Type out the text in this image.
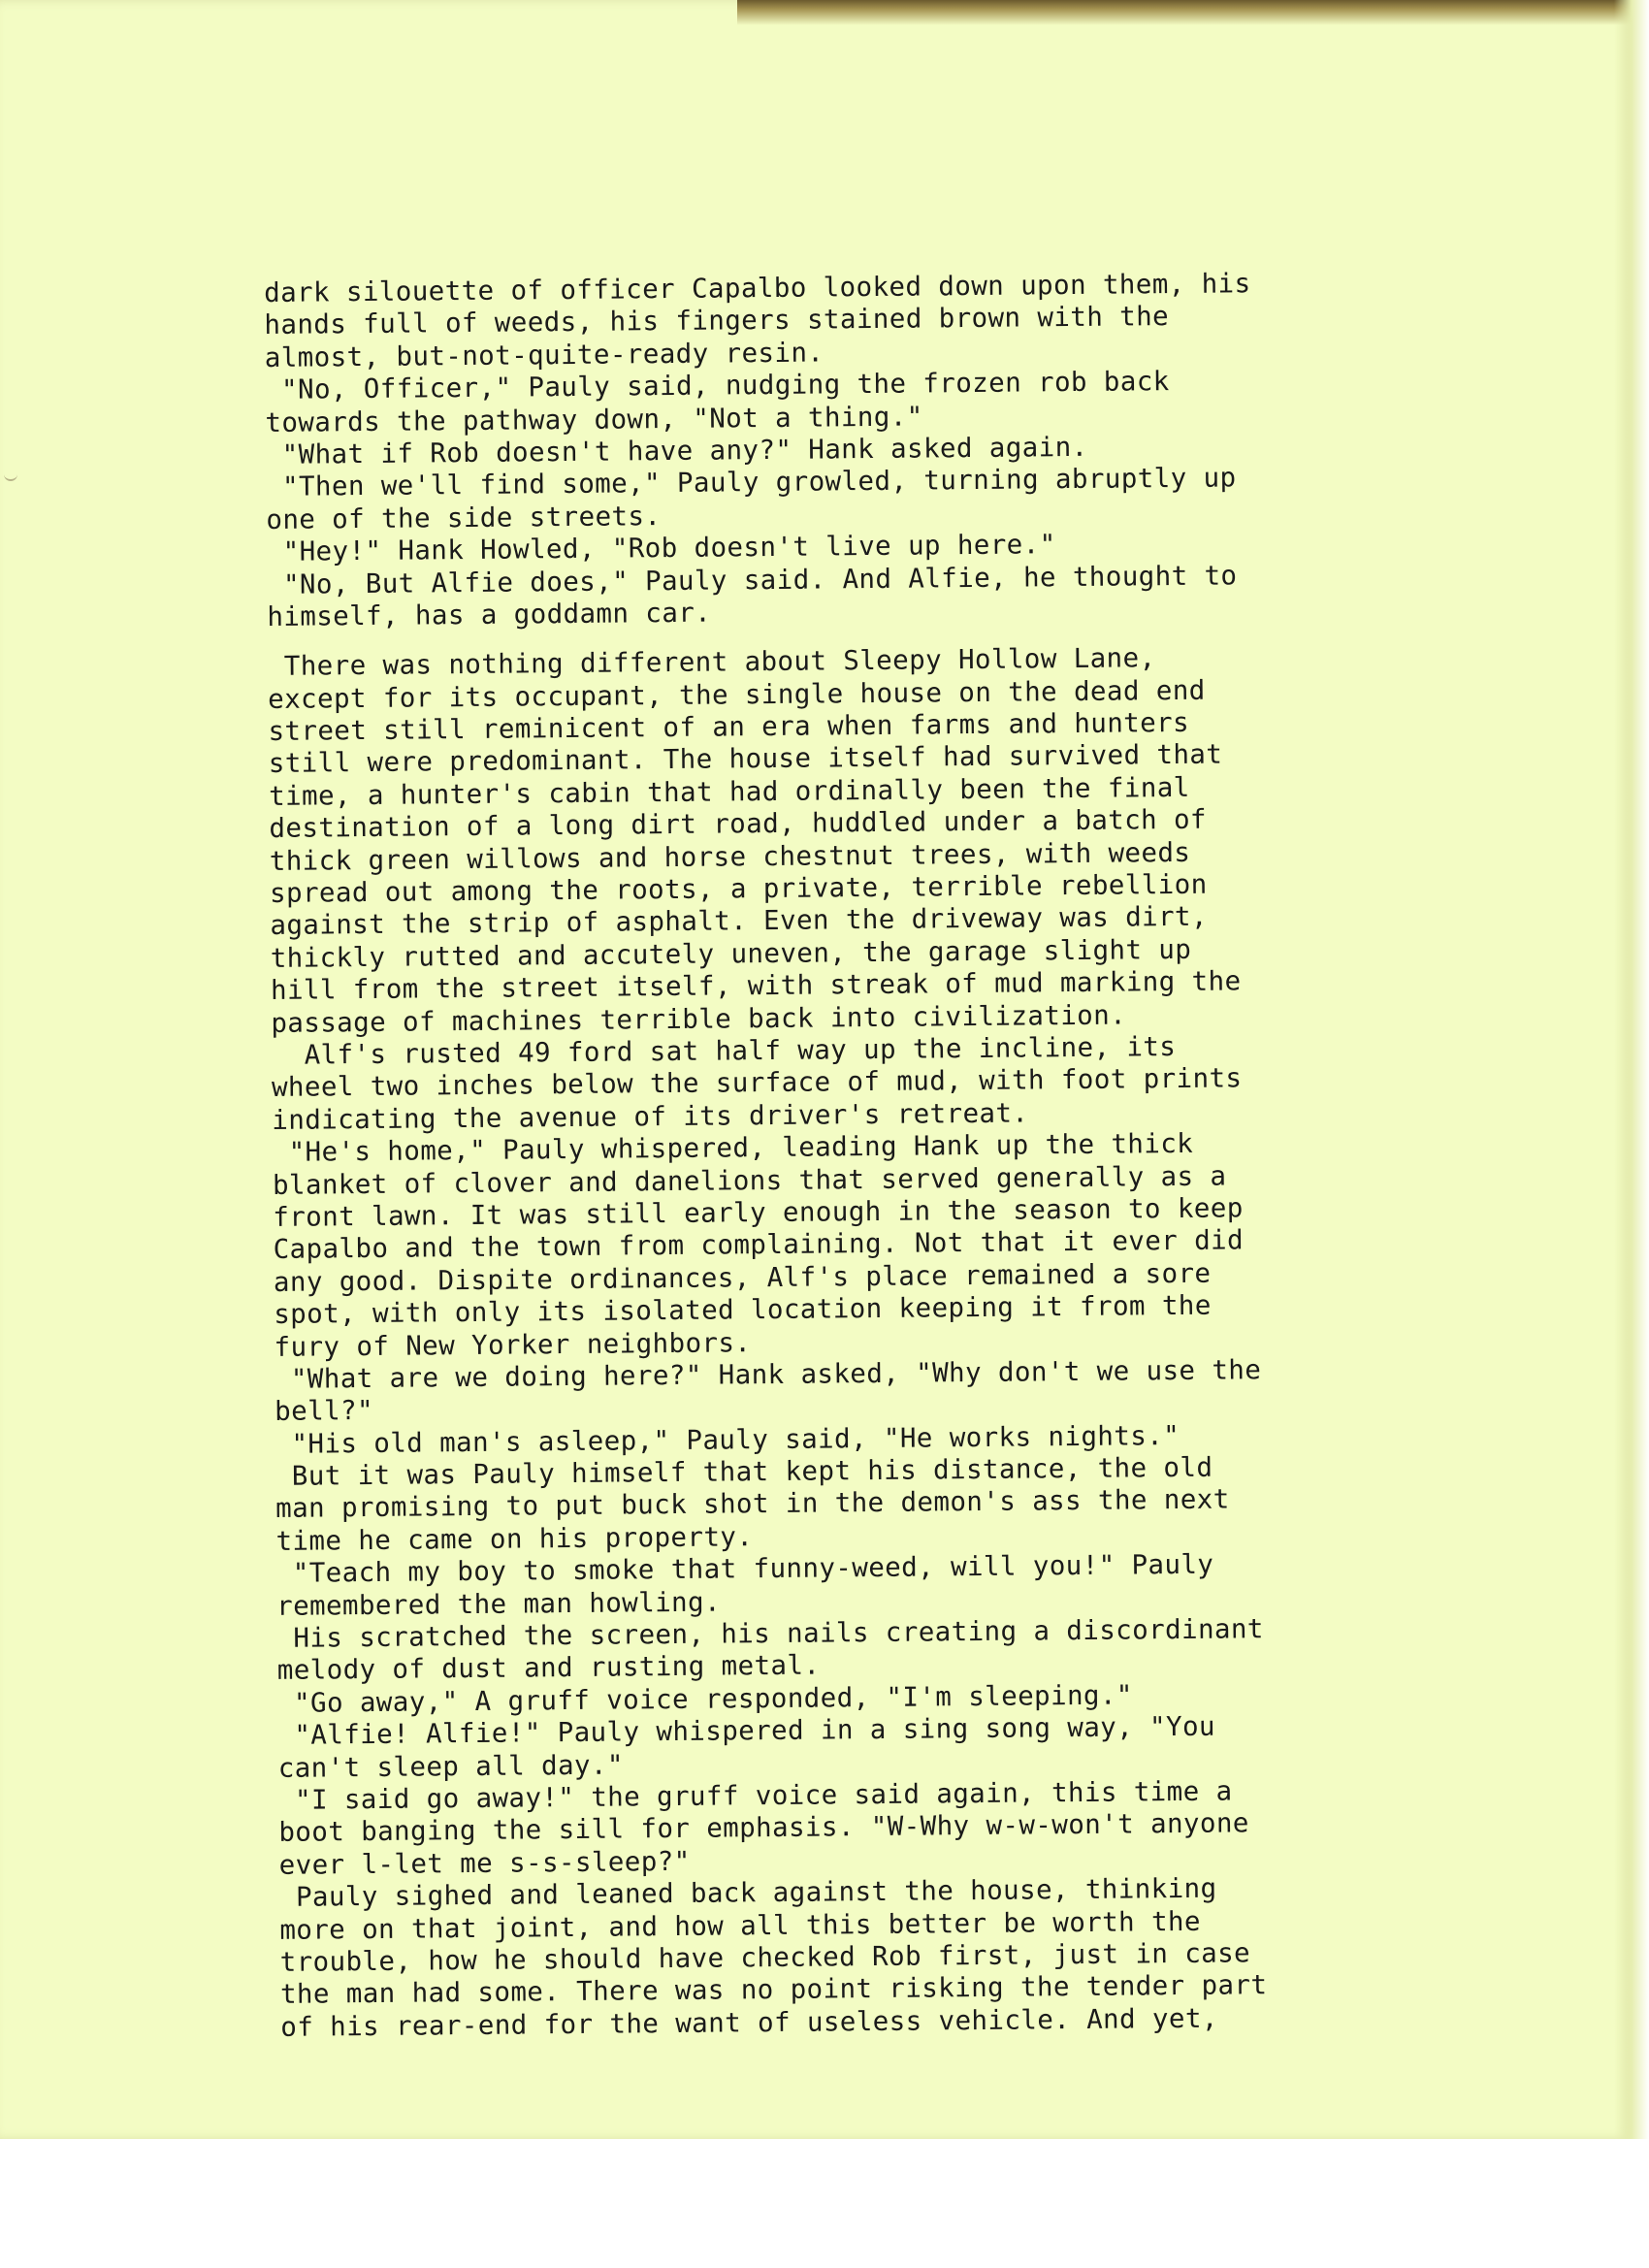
dark silouette of officer Capalbo looked down upon them, his
hands full of weeds, his fingers stained brown with the
almost, but-not-quite-ready resin.
"No, Officer," Pauly said, nudging the frozen rob back
towards the pathway down, "Not a thing."
"What if Rob doesn't have any?" Hank asked again.
"Then we'll find some," Pauly growled, turning abruptly up
one of the side streets.
"Hey!" Hank Howled, "Rob doesn't live up here."
"No, But Alfie does," Pauly said. And Alfie, he thought to
himself, has a goddamn car.
There was nothing different about Sleepy Hollow Lane,
except for its occupant, the single house on the dead end
street still reminicent of an era when farms and hunters
still were predominant. The house itself had survived that
time, a hunter's cabin that had ordinally been the final
destination of a long dirt road, huddled under a batch of
thick green willows and horse chestnut trees, with weeds
spread out among the roots, a private, terrible rebellion
against the strip of asphalt. Even the driveway was dirt,
thickly rutted and accutely uneven, the garage slight up
hill from the street itself, with streak of mud marking the
passage of machines terrible back into civilization.
Alf's rusted 49 ford sat half way up the incline, its
wheel two inches below the surface of mud, with foot prints
indicating the avenue of its driver's retreat.
"He's home," Pauly whispered, leading Hank up the thick
blanket of clover and danelions that served generally as a
front lawn. It was still early enough in the season to keep
Capalbo and the town from complaining. Not that it ever did
any good. Dispite ordinances, Alf's place remained a sore
spot, with only its isolated location keeping it from the
fury of New Yorker neighbors.
"What are we doing here?" Hank asked, "Why don't we use the
bell?"
"His old man's asleep," Pauly said, "He works nights."
But it was Pauly himself that kept his distance, the old
man promising to put buck shot in the demon's ass the next
time he came on his property.
"Teach my boy to smoke that funny-weed, will you!" Pauly
remembered the man howling.
His scratched the screen, his nails creating a discordinant
melody of dust and rusting metal.
"Go away," A gruff voice responded, "I'm sleeping."
"Alfie! Alfie!" Pauly whispered in a sing song way, "You
can't sleep all day."
"I said go away!" the gruff voice said again, this time a
boot banging the sill for emphasis. "W-Why w-w-won't anyone
ever l-let me s-s-sleep?"
Pauly sighed and leaned back against the house, thinking
more on that joint, and how all this better be worth the
trouble, how he should have checked Rob first, just in case
the man had some. There was no point risking the tender part
of his rear-end for the want of useless vehicle. And yet,
